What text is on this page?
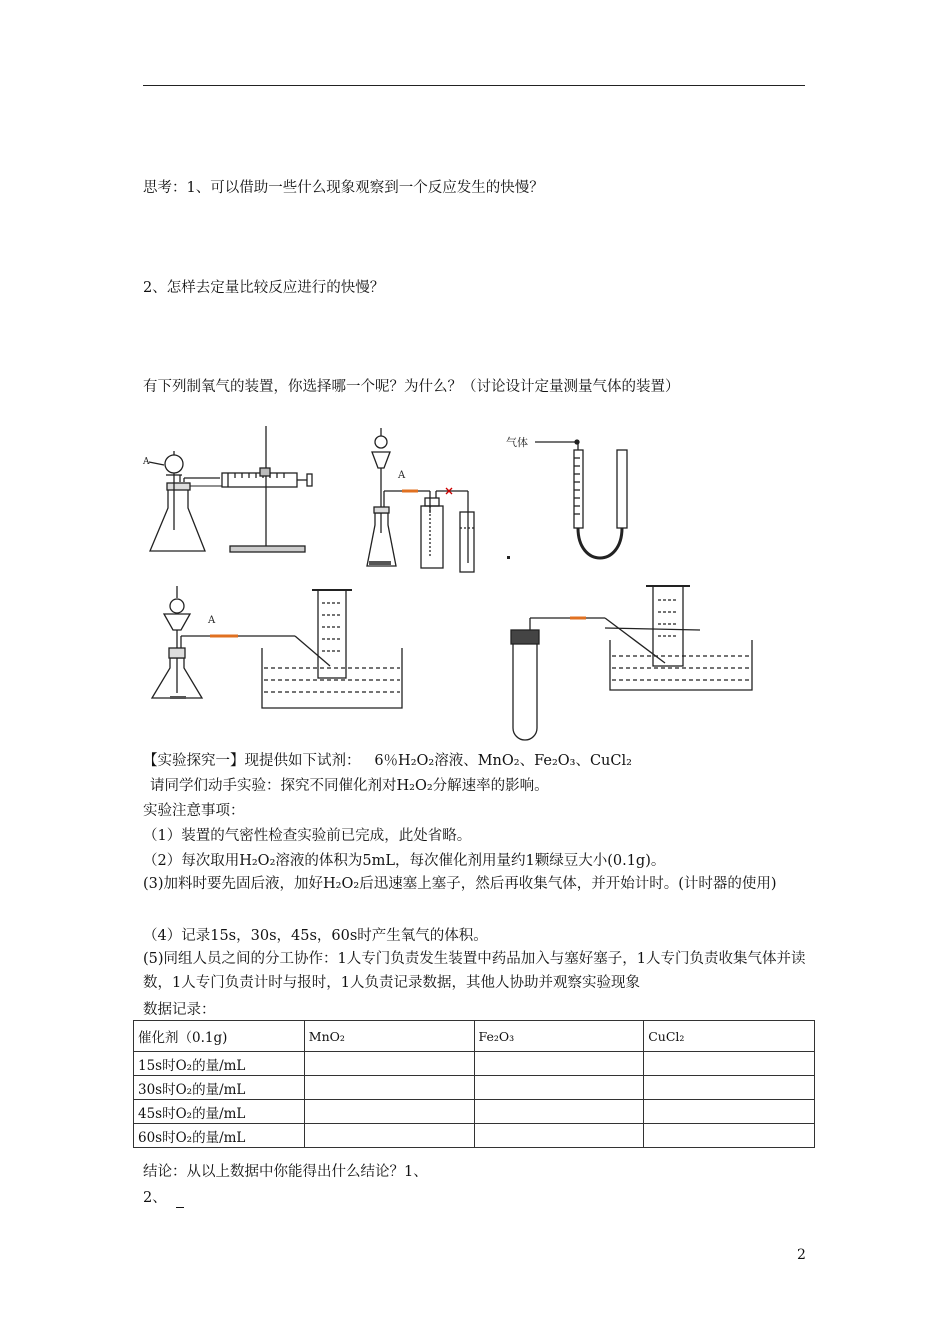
思考：1、可以借助一些什么现象观察到一个反应发生的快慢？
2、怎样去定量比较反应进行的快慢？
有下列制氧气的装置，你选择哪一个呢？为什么？（讨论设计定量测量气体的装置）
A
A
气体
A
【实验探究一】现提供如下试剂： 6％H₂O₂溶液、MnO₂、Fe₂O₃、CuCl₂
请同学们动手实验：探究不同催化剂对H₂O₂分解速率的影响。
实验注意事项：
（1）装置的气密性检查实验前已完成，此处省略。
（2）每次取用H₂O₂溶液的体积为5mL，每次催化剂用量约1颗绿豆大小(0.1g)。
(3)加料时要先固后液，加好H₂O₂后迅速塞上塞子，然后再收集气体，并开始计时。(计时器的使用)
（4）记录15s，30s，45s，60s时产生氧气的体积。
(5)同组人员之间的分工协作：1人专门负责发生装置中药品加入与塞好塞子，1人专门负责收集气体并读数，1人专门负责计时与报时，1人负责记录数据，其他人协助并观察实验现象
数据记录：
催化剂（0.1g)	MnO₂	Fe₂O₃	CuCl₂
15s时O₂的量/mL			
30s时O₂的量/mL			
45s时O₂的量/mL			
60s时O₂的量/mL			
结论：从以上数据中你能得出什么结论？1、
2、
2
